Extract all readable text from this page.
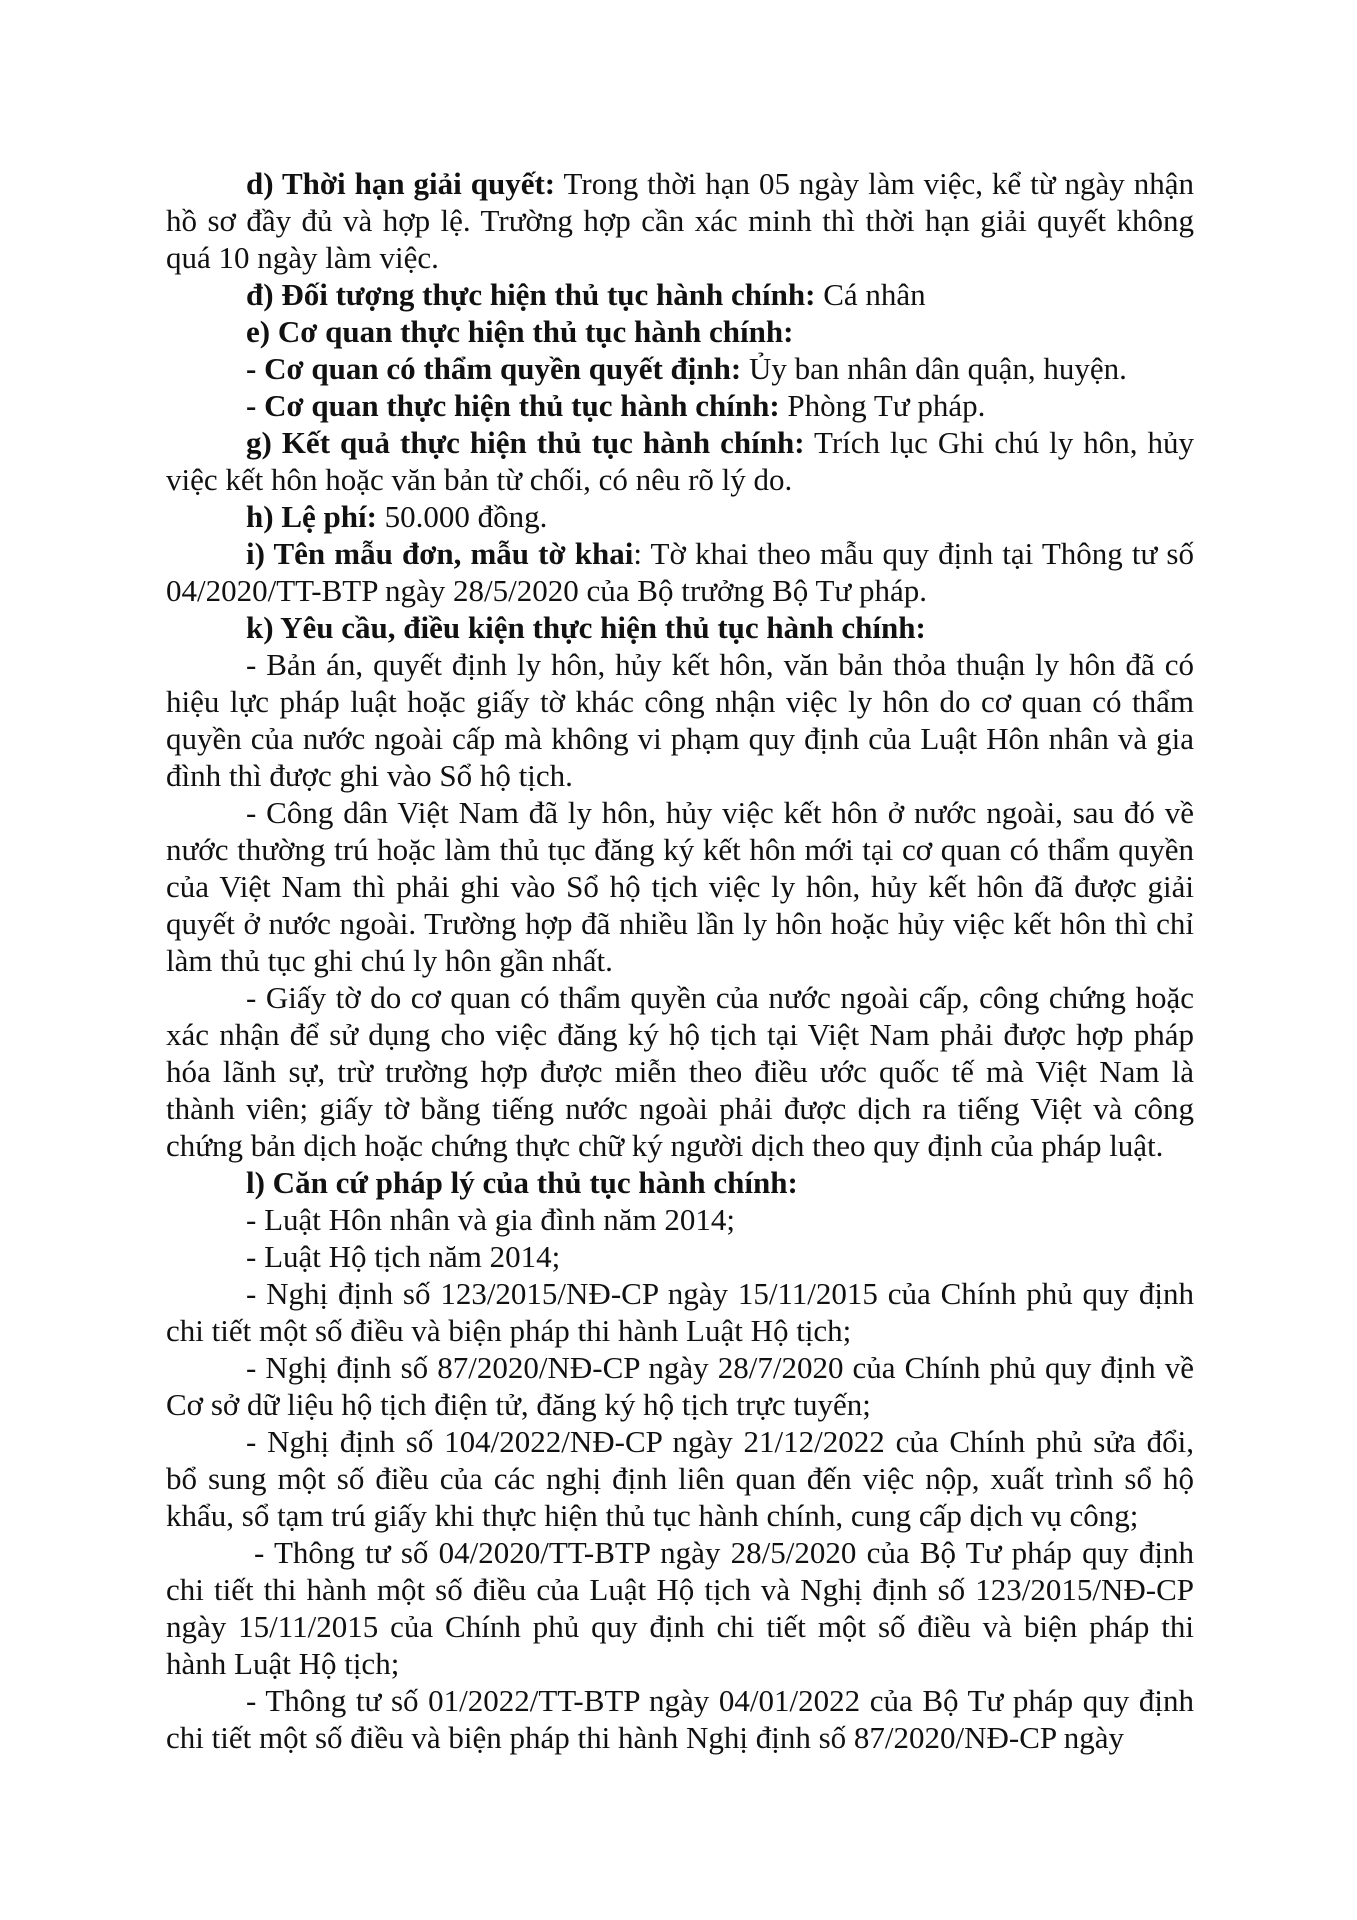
d) Thời hạn giải quyết: Trong thời hạn 05 ngày làm việc, kể từ ngày nhận hồ sơ đầy đủ và hợp lệ. Trường hợp cần xác minh thì thời hạn giải quyết không quá 10 ngày làm việc.

đ) Đối tượng thực hiện thủ tục hành chính: Cá nhân

e) Cơ quan thực hiện thủ tục hành chính:

- Cơ quan có thẩm quyền quyết định: Ủy ban nhân dân quận, huyện.

- Cơ quan thực hiện thủ tục hành chính: Phòng Tư pháp.

g) Kết quả thực hiện thủ tục hành chính: Trích lục Ghi chú ly hôn, hủy việc kết hôn hoặc văn bản từ chối, có nêu rõ lý do.

h) Lệ phí: 50.000 đồng.

i) Tên mẫu đơn, mẫu tờ khai: Tờ khai theo mẫu quy định tại Thông tư số 04/2020/TT-BTP ngày 28/5/2020 của Bộ trưởng Bộ Tư pháp.

k) Yêu cầu, điều kiện thực hiện thủ tục hành chính:

- Bản án, quyết định ly hôn, hủy kết hôn, văn bản thỏa thuận ly hôn đã có hiệu lực pháp luật hoặc giấy tờ khác công nhận việc ly hôn do cơ quan có thẩm quyền của nước ngoài cấp mà không vi phạm quy định của Luật Hôn nhân và gia đình thì được ghi vào Sổ hộ tịch.

- Công dân Việt Nam đã ly hôn, hủy việc kết hôn ở nước ngoài, sau đó về nước thường trú hoặc làm thủ tục đăng ký kết hôn mới tại cơ quan có thẩm quyền của Việt Nam thì phải ghi vào Sổ hộ tịch việc ly hôn, hủy kết hôn đã được giải quyết ở nước ngoài. Trường hợp đã nhiều lần ly hôn hoặc hủy việc kết hôn thì chỉ làm thủ tục ghi chú ly hôn gần nhất.

- Giấy tờ do cơ quan có thẩm quyền của nước ngoài cấp, công chứng hoặc xác nhận để sử dụng cho việc đăng ký hộ tịch tại Việt Nam phải được hợp pháp hóa lãnh sự, trừ trường hợp được miễn theo điều ước quốc tế mà Việt Nam là thành viên; giấy tờ bằng tiếng nước ngoài phải được dịch ra tiếng Việt và công chứng bản dịch hoặc chứng thực chữ ký người dịch theo quy định của pháp luật.

l) Căn cứ pháp lý của thủ tục hành chính:

- Luật Hôn nhân và gia đình năm 2014;

- Luật Hộ tịch năm 2014;

- Nghị định số 123/2015/NĐ-CP ngày 15/11/2015 của Chính phủ quy định chi tiết một số điều và biện pháp thi hành Luật Hộ tịch;

- Nghị định số 87/2020/NĐ-CP ngày 28/7/2020 của Chính phủ quy định về Cơ sở dữ liệu hộ tịch điện tử, đăng ký hộ tịch trực tuyến;

- Nghị định số 104/2022/NĐ-CP ngày 21/12/2022 của Chính phủ sửa đổi, bổ sung một số điều của các nghị định liên quan đến việc nộp, xuất trình sổ hộ khẩu, sổ tạm trú giấy khi thực hiện thủ tục hành chính, cung cấp dịch vụ công;

- Thông tư số 04/2020/TT-BTP ngày 28/5/2020 của Bộ Tư pháp quy định chi tiết thi hành một số điều của Luật Hộ tịch và Nghị định số 123/2015/NĐ-CP ngày 15/11/2015 của Chính phủ quy định chi tiết một số điều và biện pháp thi hành Luật Hộ tịch;

- Thông tư số 01/2022/TT-BTP ngày 04/01/2022 của Bộ Tư pháp quy định chi tiết một số điều và biện pháp thi hành Nghị định số 87/2020/NĐ-CP ngày
